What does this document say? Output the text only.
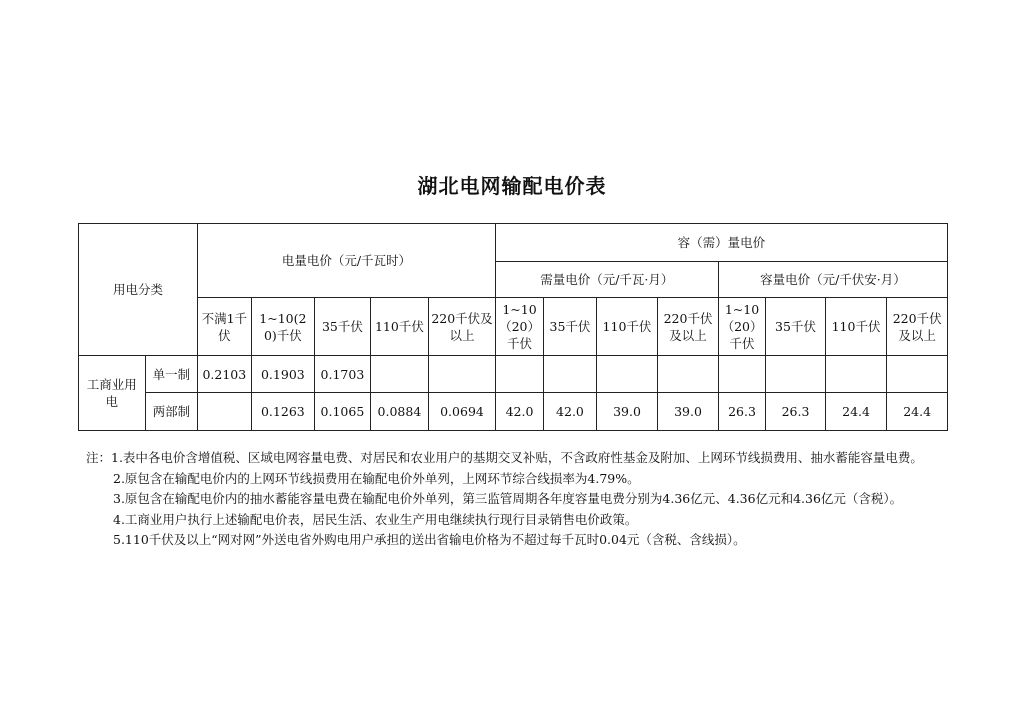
湖北电网输配电价表
用电分类		电量电价（元/千瓦时）					容（需）量电价							
							需量电价（元/千瓦·月）				容量电价（元/千伏安·月）			
		不满1千伏	1~10(20)千伏	35千伏	110千伏	220千伏及以上	1~10（20）千伏	35千伏	110千伏	220千伏及以上	1~10（20）千伏	35千伏	110千伏	220千伏及以上
工商业用电	单一制	0.2103	0.1903	0.1703										
	两部制		0.1263	0.1065	0.0884	0.0694	42.0	42.0	39.0	39.0	26.3	26.3	24.4	24.4
注：1.表中各电价含增值税、区域电网容量电费、对居民和农业用户的基期交叉补贴，不含政府性基金及附加、上网环节线损费用、抽水蓄能容量电费。
2.原包含在输配电价内的上网环节线损费用在输配电价外单列，上网环节综合线损率为4.79%。
3.原包含在输配电价内的抽水蓄能容量电费在输配电价外单列，第三监管周期各年度容量电费分别为4.36亿元、4.36亿元和4.36亿元（含税）。
4.工商业用户执行上述输配电价表，居民生活、农业生产用电继续执行现行目录销售电价政策。
5.110千伏及以上“网对网”外送电省外购电用户承担的送出省输电价格为不超过每千瓦时0.04元（含税、含线损）。
